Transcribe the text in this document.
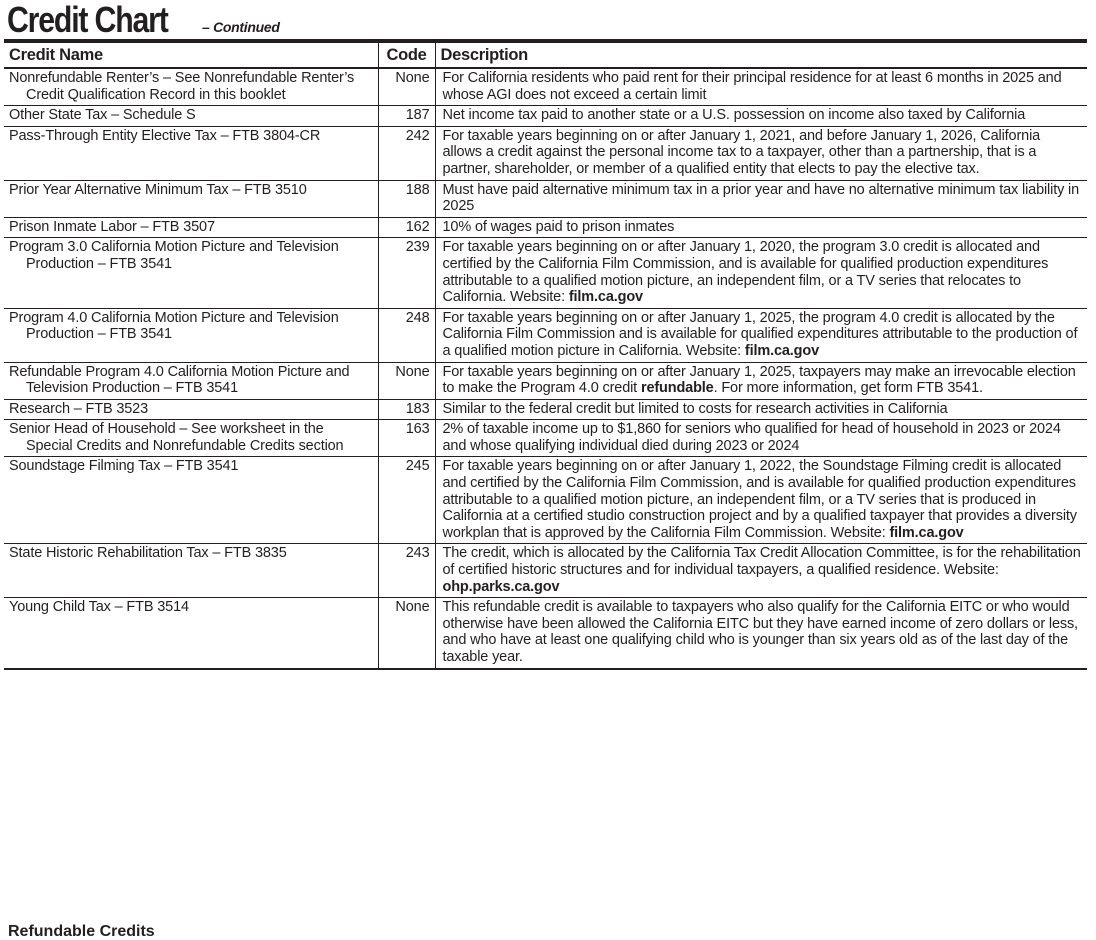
Credit Chart – Continued
Credit Name	Code	Description

Nonrefundable Renter’s – See Nonrefundable Renter’s Credit Qualification Record in this booklet	None	For California residents who paid rent for their principal residence for at least 6 months in 2025 and whose AGI does not exceed a certain limit

Other State Tax – Schedule S	187	Net income tax paid to another state or a U.S. possession on income also taxed by California

Pass-Through Entity Elective Tax – FTB 3804-CR	242	For taxable years beginning on or after January 1, 2021, and before January 1, 2026, California allows a credit against the personal income tax to a taxpayer, other than a partnership, that is a partner, shareholder, or member of a qualified entity that elects to pay the elective tax.

Prior Year Alternative Minimum Tax – FTB 3510	188	Must have paid alternative minimum tax in a prior year and have no alternative minimum tax liability in 2025

Prison Inmate Labor – FTB 3507	162	10% of wages paid to prison inmates

Program 3.0 California Motion Picture and Television Production – FTB 3541	239	For taxable years beginning on or after January 1, 2020, the program 3.0 credit is allocated and certified by the California Film Commission, and is available for qualified production expenditures attributable to a qualified motion picture, an independent film, or a TV series that relocates to California. Website: film.ca.gov

Program 4.0 California Motion Picture and Television Production – FTB 3541	248	For taxable years beginning on or after January 1, 2025, the program 4.0 credit is allocated by the California Film Commission and is available for qualified expenditures attributable to the production of a qualified motion picture in California. Website: film.ca.gov

Refundable Program 4.0 California Motion Picture and Television Production – FTB 3541	None	For taxable years beginning on or after January 1, 2025, taxpayers may make an irrevocable election to make the Program 4.0 credit refundable. For more information, get form FTB 3541.

Research – FTB 3523	183	Similar to the federal credit but limited to costs for research activities in California

Senior Head of Household – See worksheet in the Special Credits and Nonrefundable Credits section	163	2% of taxable income up to $1,860 for seniors who qualified for head of household in 2023 or 2024 and whose qualifying individual died during 2023 or 2024

Soundstage Filming Tax – FTB 3541	245	For taxable years beginning on or after January 1, 2022, the Soundstage Filming credit is allocated and certified by the California Film Commission, and is available for qualified production expenditures attributable to a qualified motion picture, an independent film, or a TV series that is produced in California at a certified studio construction project and by a qualified taxpayer that provides a diversity workplan that is approved by the California Film Commission. Website: film.ca.gov

State Historic Rehabilitation Tax – FTB 3835	243	The credit, which is allocated by the California Tax Credit Allocation Committee, is for the rehabilitation of certified historic structures and for individual taxpayers, a qualified residence. Website: ohp.parks.ca.gov

Young Child Tax – FTB 3514	None	This refundable credit is available to taxpayers who also qualify for the California EITC or who would otherwise have been allowed the California EITC but they have earned income of zero dollars or less, and who have at least one qualifying child who is younger than six years old as of the last day of the taxable year.
Refundable Credits
